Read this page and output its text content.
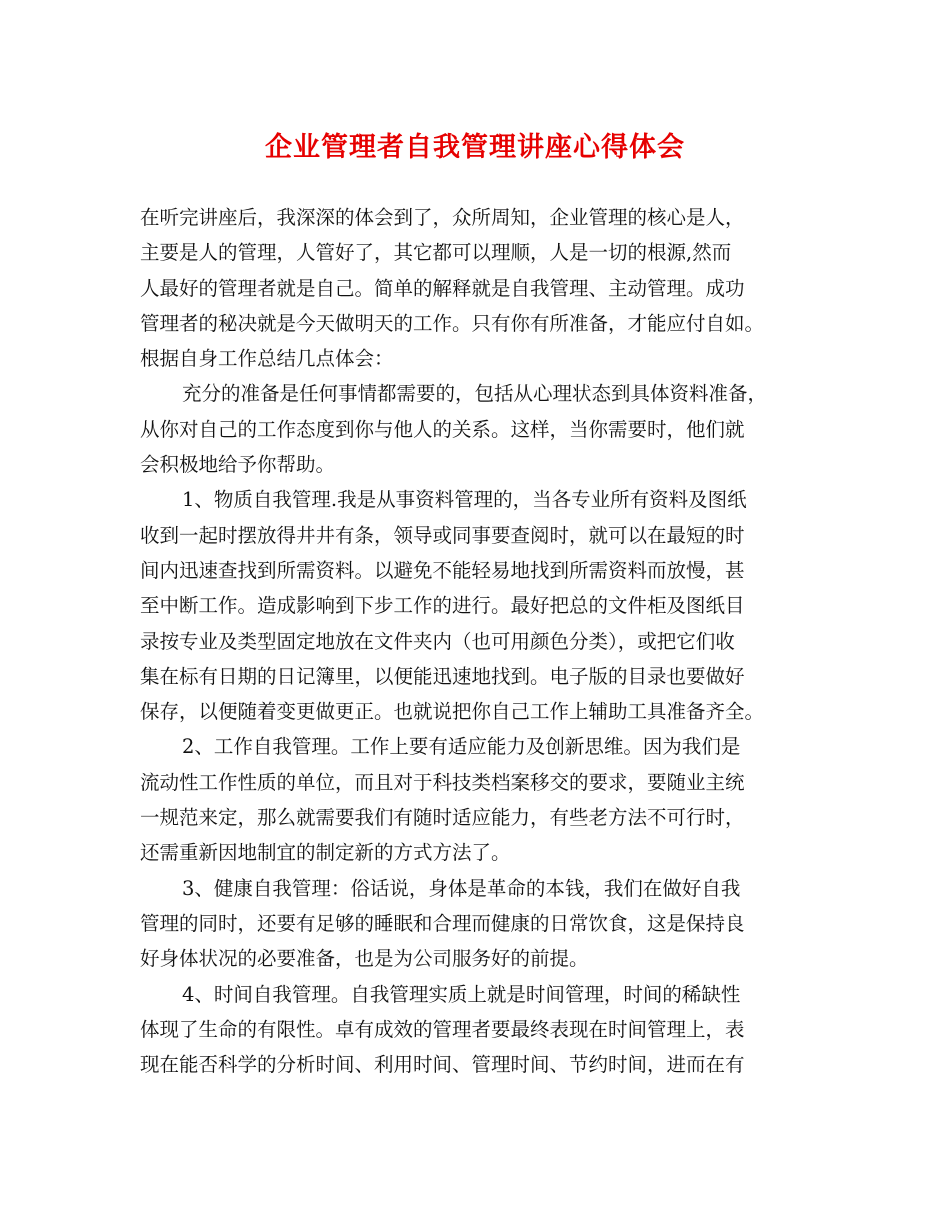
企业管理者自我管理讲座心得体会
在听完讲座后，我深深的体会到了，众所周知，企业管理的核心是人，
主要是人的管理，人管好了，其它都可以理顺，人是一切的根源,然而
人最好的管理者就是自己。简单的解释就是自我管理、主动管理。成功
管理者的秘决就是今天做明天的工作。只有你有所准备，才能应付自如。
根据自身工作总结几点体会：
充分的准备是任何事情都需要的，包括从心理状态到具体资料准备，
从你对自己的工作态度到你与他人的关系。这样，当你需要时，他们就
会积极地给予你帮助。
1、物质自我管理.我是从事资料管理的，当各专业所有资料及图纸
收到一起时摆放得井井有条，领导或同事要查阅时，就可以在最短的时
间内迅速查找到所需资料。以避免不能轻易地找到所需资料而放慢，甚
至中断工作。造成影响到下步工作的进行。最好把总的文件柜及图纸目
录按专业及类型固定地放在文件夹内（也可用颜色分类），或把它们收
集在标有日期的日记簿里，以便能迅速地找到。电子版的目录也要做好
保存，以便随着变更做更正。也就说把你自己工作上辅助工具准备齐全。
2、工作自我管理。工作上要有适应能力及创新思维。因为我们是
流动性工作性质的单位，而且对于科技类档案移交的要求，要随业主统
一规范来定，那么就需要我们有随时适应能力，有些老方法不可行时，
还需重新因地制宜的制定新的方式方法了。
3、健康自我管理：俗话说，身体是革命的本钱，我们在做好自我
管理的同时，还要有足够的睡眠和合理而健康的日常饮食，这是保持良
好身体状况的必要准备，也是为公司服务好的前提。
4、时间自我管理。自我管理实质上就是时间管理，时间的稀缺性
体现了生命的有限性。卓有成效的管理者要最终表现在时间管理上，表
现在能否科学的分析时间、利用时间、管理时间、节约时间，进而在有
